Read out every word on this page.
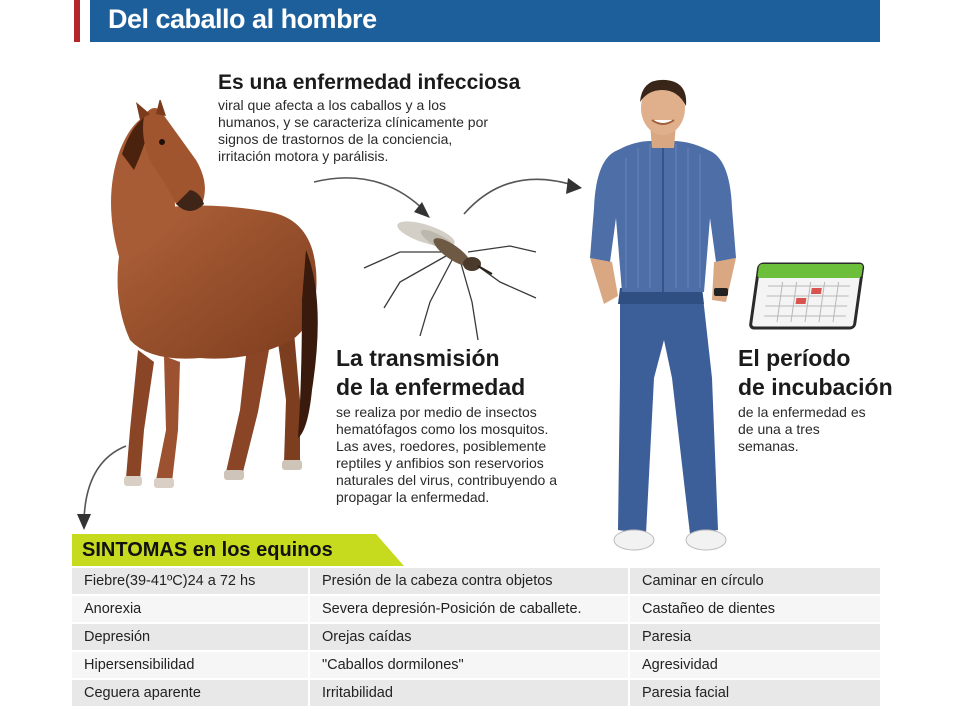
Del caballo al hombre
Es una enfermedad infecciosa

viral que afecta a los caballos y a los

humanos, y se caracteriza clínicamente por

signos de trastornos de la conciencia,

irritación motora y parálisis.

La transmisión
de la enfermedad

se realiza por medio de insectos

hematófagos como los mosquitos.

Las aves, roedores, posiblemente

reptiles y anfibios son reservorios

naturales del virus, contribuyendo a

propagar la enfermedad.

El período
de incubación

de la enfermedad es

de una a tres

semanas.

SINTOMAS en los equinos
Fiebre(39-41ºC)24 a 72 hs	Presión de la cabeza contra objetos	Caminar en círculo
Anorexia	Severa depresión-Posición de caballete.	Castañeo de dientes
Depresión	Orejas caídas	Paresia
Hipersensibilidad	"Caballos dormilones"	Agresividad
Ceguera aparente	Irritabilidad	Paresia facial
